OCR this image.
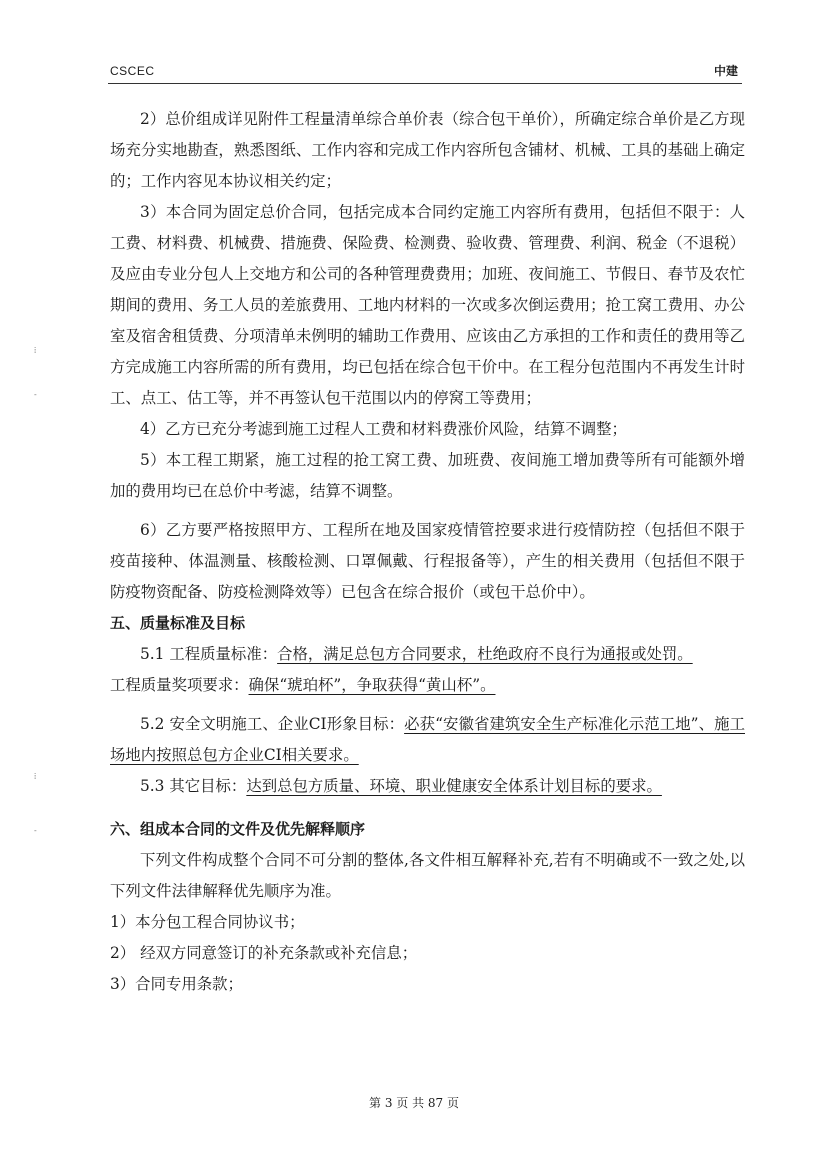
CSCEC	中建
⁞
-
⁞
-

2）总价组成详见附件工程量清单综合单价表（综合包干单价），所确定综合单价是乙方现场充分实地勘查，熟悉图纸、工作内容和完成工作内容所包含铺材、机械、工具的基础上确定的；工作内容见本协议相关约定；

3）本合同为固定总价合同，包括完成本合同约定施工内容所有费用，包括但不限于：人工费、材料费、机械费、措施费、保险费、检测费、验收费、管理费、利润、税金（不退税）及应由专业分包人上交地方和公司的各种管理费费用；加班、夜间施工、节假日、春节及农忙期间的费用、务工人员的差旅费用、工地内材料的一次或多次倒运费用；抢工窝工费用、办公室及宿舍租赁费、分项清单未例明的辅助工作费用、应该由乙方承担的工作和责任的费用等乙方完成施工内容所需的所有费用，均已包括在综合包干价中。在工程分包范围内不再发生计时工、点工、估工等，并不再签认包干范围以内的停窝工等费用；

4）乙方已充分考滤到施工过程人工费和材料费涨价风险，结算不调整；

5）本工程工期紧，施工过程的抢工窝工费、加班费、夜间施工增加费等所有可能额外增加的费用均已在总价中考滤，结算不调整。

6）乙方要严格按照甲方、工程所在地及国家疫情管控要求进行疫情防控（包括但不限于疫苗接种、体温测量、核酸检测、口罩佩戴、行程报备等），产生的相关费用（包括但不限于防疫物资配备、防疫检测降效等）已包含在综合报价（或包干总价中）。

五、质量标准及目标

5.1 工程质量标准：合格，满足总包方合同要求，杜绝政府不良行为通报或处罚。

工程质量奖项要求：确保“琥珀杯”，争取获得“黄山杯”。

5.2 安全文明施工、企业CI形象目标：必获“安徽省建筑安全生产标准化示范工地”、施工场地内按照总包方企业CI相关要求。

5.3 其它目标：达到总包方质量、环境、职业健康安全体系计划目标的要求。

六、组成本合同的文件及优先解释顺序

下列文件构成整个合同不可分割的整体,各文件相互解释补充,若有不明确或不一致之处,以下列文件法律解释优先顺序为准。

1）本分包工程合同协议书；

2） 经双方同意签订的补充条款或补充信息；

3）合同专用条款；

第 3 页 共 87 页
